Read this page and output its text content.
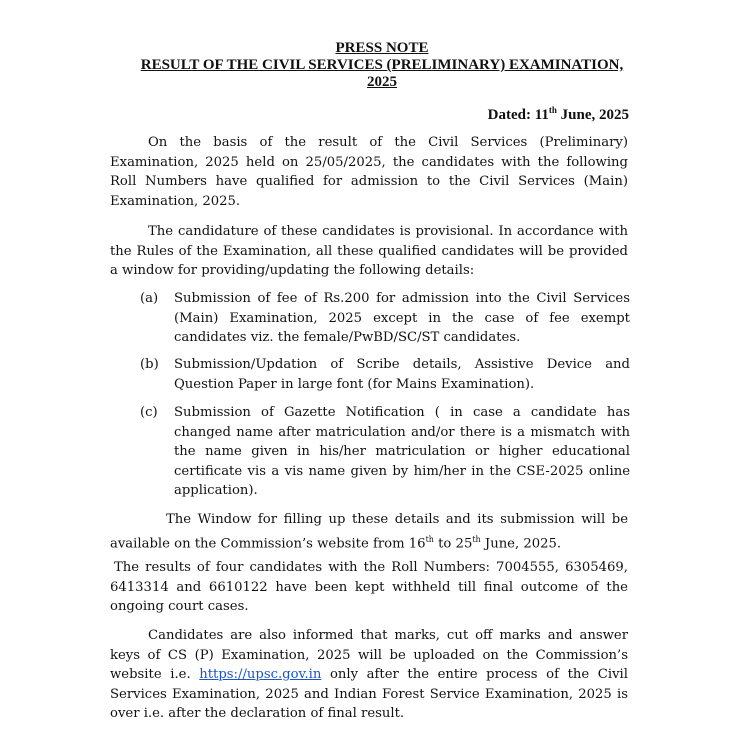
PRESS NOTE
RESULT OF THE CIVIL SERVICES (PRELIMINARY) EXAMINATION,
2025
Dated: 11th June, 2025

On the basis of the result of the Civil Services (Preliminary) Examination, 2025 held on 25/05/2025, the candidates with the following Roll Numbers have qualified for admission to the Civil Services (Main) Examination, 2025.

The candidature of these candidates is provisional. In accordance with the Rules of the Examination, all these qualified candidates will be provided a window for providing/updating the following details:

(a) Submission of fee of Rs.200 for admission into the Civil Services (Main) Examination, 2025 except in the case of fee exempt candidates viz. the female/PwBD/SC/ST candidates.
(b) Submission/Updation of Scribe details, Assistive Device and Question Paper in large font (for Mains Examination).
(c) Submission of Gazette Notification ( in case a candidate has changed name after matriculation and/or there is a mismatch with the name given in his/her matriculation or higher educational certificate vis a vis name given by him/her in the CSE-2025 online application).

The Window for filling up these details and its submission will be available on the Commission’s website from 16th to 25th June, 2025.

The results of four candidates with the Roll Numbers: 7004555, 6305469, 6413314 and 6610122 have been kept withheld till final outcome of the ongoing court cases.

Candidates are also informed that marks, cut off marks and answer keys of CS (P) Examination, 2025 will be uploaded on the Commission’s website i.e. https://upsc.gov.in only after the entire process of the Civil Services Examination, 2025 and Indian Forest Service Examination, 2025 is over i.e. after the declaration of final result.
